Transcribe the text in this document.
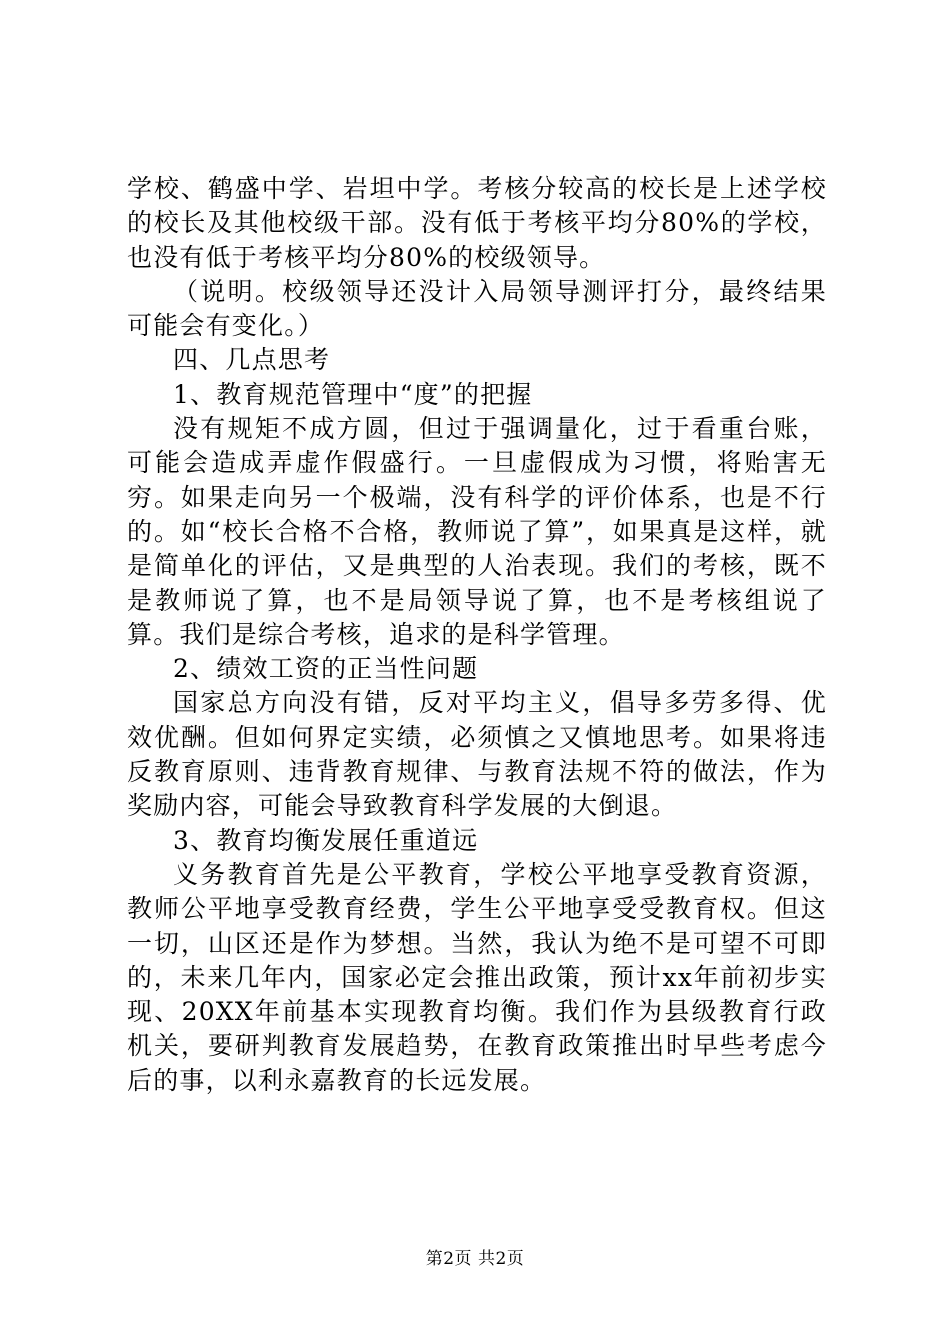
学校、鹤盛中学、岩坦中学。考核分较高的校长是上述学校的校长及其他校级干部。没有低于考核平均分80%的学校，也没有低于考核平均分80%的校级领导。

（说明。校级领导还没计入局领导测评打分，最终结果可能会有变化。）

四、几点思考

1、教育规范管理中“度”的把握

没有规矩不成方圆，但过于强调量化，过于看重台账，可能会造成弄虚作假盛行。一旦虚假成为习惯，将贻害无穷。如果走向另一个极端，没有科学的评价体系，也是不行的。如“校长合格不合格，教师说了算”，如果真是这样，就是简单化的评估，又是典型的人治表现。我们的考核，既不是教师说了算，也不是局领导说了算，也不是考核组说了算。我们是综合考核，追求的是科学管理。

2、绩效工资的正当性问题

国家总方向没有错，反对平均主义，倡导多劳多得、优效优酬。但如何界定实绩，必须慎之又慎地思考。如果将违反教育原则、违背教育规律、与教育法规不符的做法，作为奖励内容，可能会导致教育科学发展的大倒退。

3、教育均衡发展任重道远

义务教育首先是公平教育，学校公平地享受教育资源，教师公平地享受教育经费，学生公平地享受受教育权。但这一切，山区还是作为梦想。当然，我认为绝不是可望不可即的，未来几年内，国家必定会推出政策，预计xx年前初步实现、20XX年前基本实现教育均衡。我们作为县级教育行政机关，要研判教育发展趋势，在教育政策推出时早些考虑今后的事，以利永嘉教育的长远发展。

第2页 共2页
